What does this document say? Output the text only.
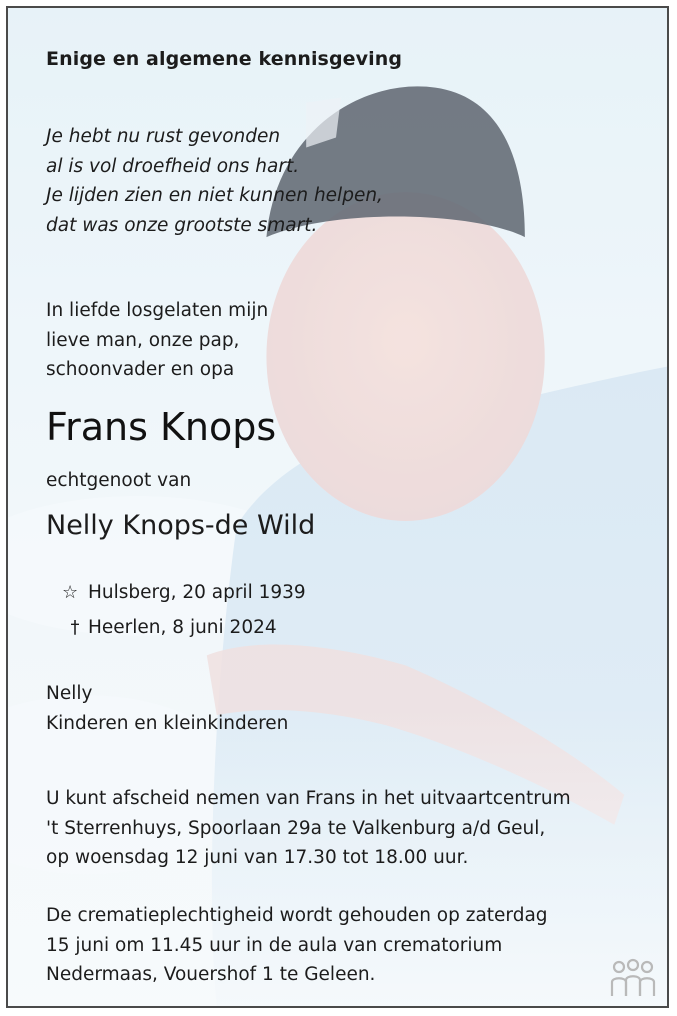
Enige en algemene kennisgeving
Je hebt nu rust gevonden
al is vol droefheid ons hart.
Je lijden zien en niet kunnen helpen,
dat was onze grootste smart.
In liefde losgelaten mijn
lieve man, onze pap,
schoonvader en opa
Frans Knops
echtgenoot van
Nelly Knops-de Wild
☆ Hulsberg, 20 april 1939
† Heerlen, 8 juni 2024
Nelly
Kinderen en kleinkinderen
U kunt afscheid nemen van Frans in het uitvaartcentrum
't Sterrenhuys, Spoorlaan 29a te Valkenburg a/d Geul,
op woensdag 12 juni van 17.30 tot 18.00 uur.
De crematieplechtigheid wordt gehouden op zaterdag
15 juni om 11.45 uur in de aula van crematorium
Nedermaas, Vouershof 1 te Geleen.
